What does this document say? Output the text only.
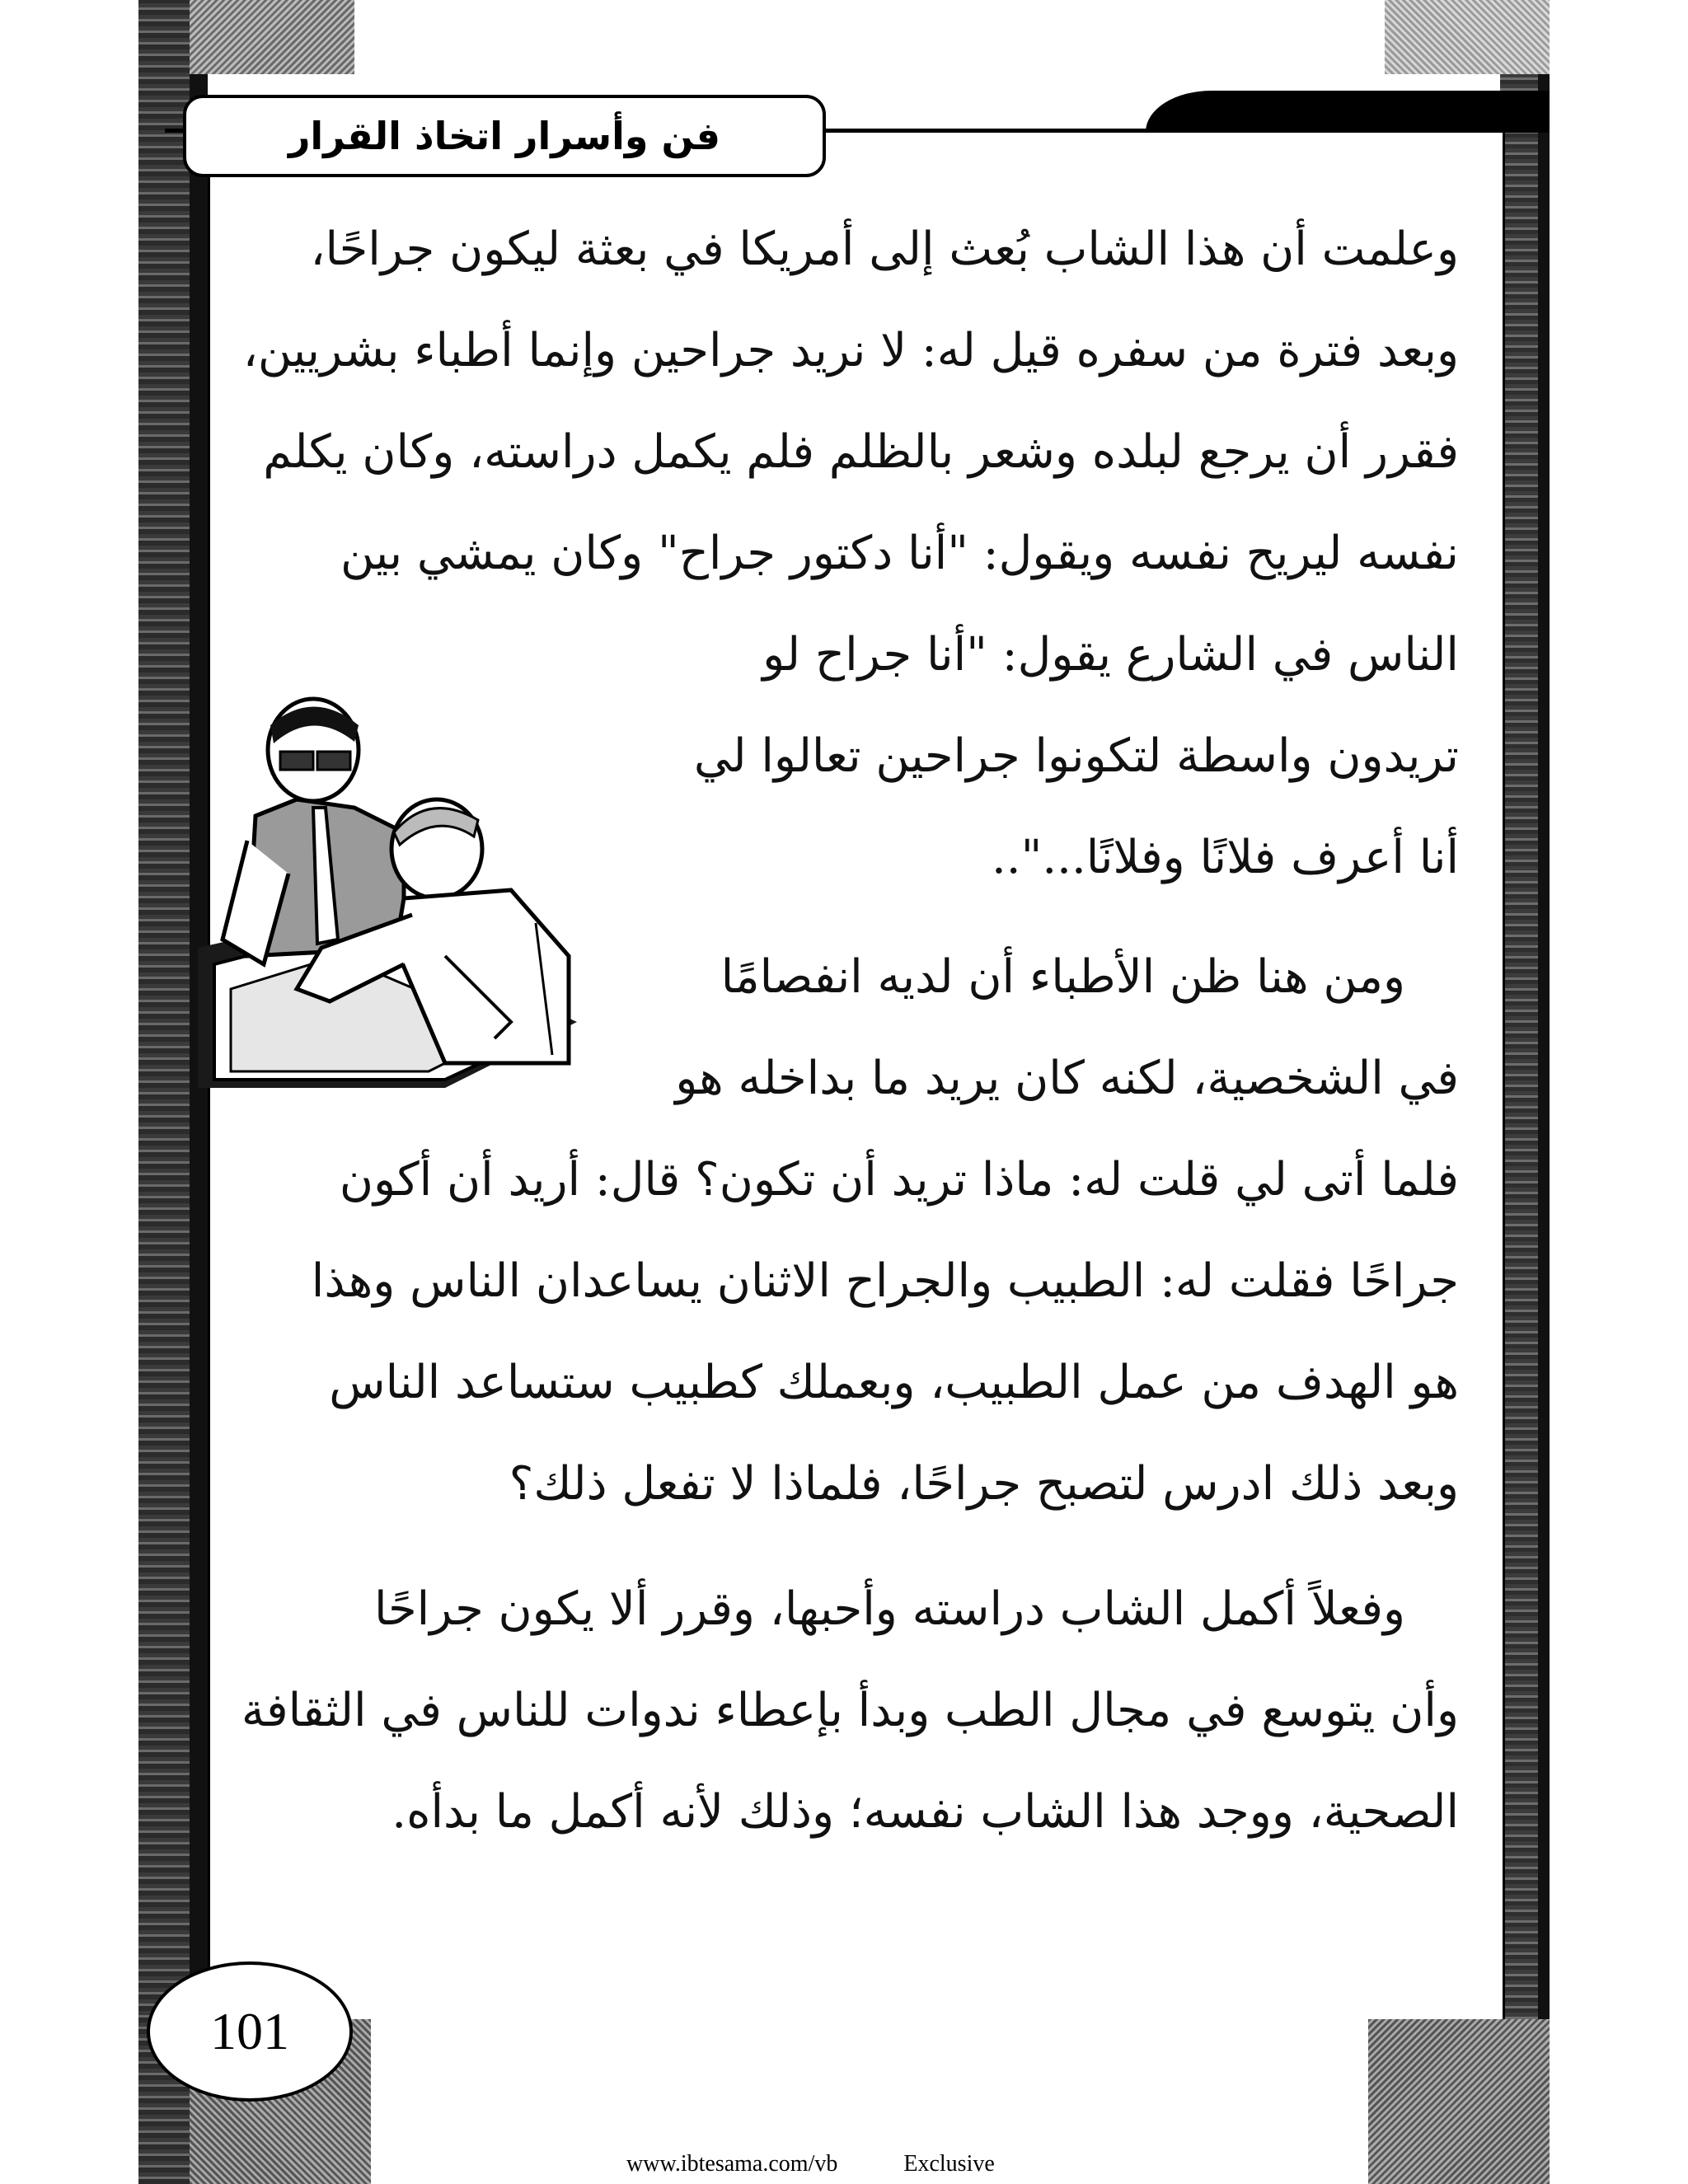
فن وأسرار اتخاذ القرار
وعلمت أن هذا الشاب بُعث إلى أمريكا في بعثة ليكون جراحًا،
وبعد فترة من سفره قيل له: لا نريد جراحين وإنما أطباء بشريين،
فقرر أن يرجع لبلده وشعر بالظلم فلم يكمل دراسته، وكان يكلم
نفسه ليريح نفسه ويقول: "أنا دكتور جراح" وكان يمشي بين
الناس في الشارع يقول: "أنا جراح لو
تريدون واسطة لتكونوا جراحين تعالوا لي
أنا أعرف فلانًا وفلانًا..."..
ومن هنا ظن الأطباء أن لديه انفصامًا
في الشخصية، لكنه كان يريد ما بداخله هو
فلما أتى لي قلت له: ماذا تريد أن تكون؟ قال: أريد أن أكون
جراحًا فقلت له: الطبيب والجراح الاثنان يساعدان الناس وهذا
هو الهدف من عمل الطبيب، وبعملك كطبيب ستساعد الناس
وبعد ذلك ادرس لتصبح جراحًا، فلماذا لا تفعل ذلك؟
وفعلاً أكمل الشاب دراسته وأحبها، وقرر ألا يكون جراحًا
وأن يتوسع في مجال الطب وبدأ بإعطاء ندوات للناس في الثقافة
الصحية، ووجد هذا الشاب نفسه؛ وذلك لأنه أكمل ما بدأه.
101
www.ibtesama.com/vb	Exclusive
